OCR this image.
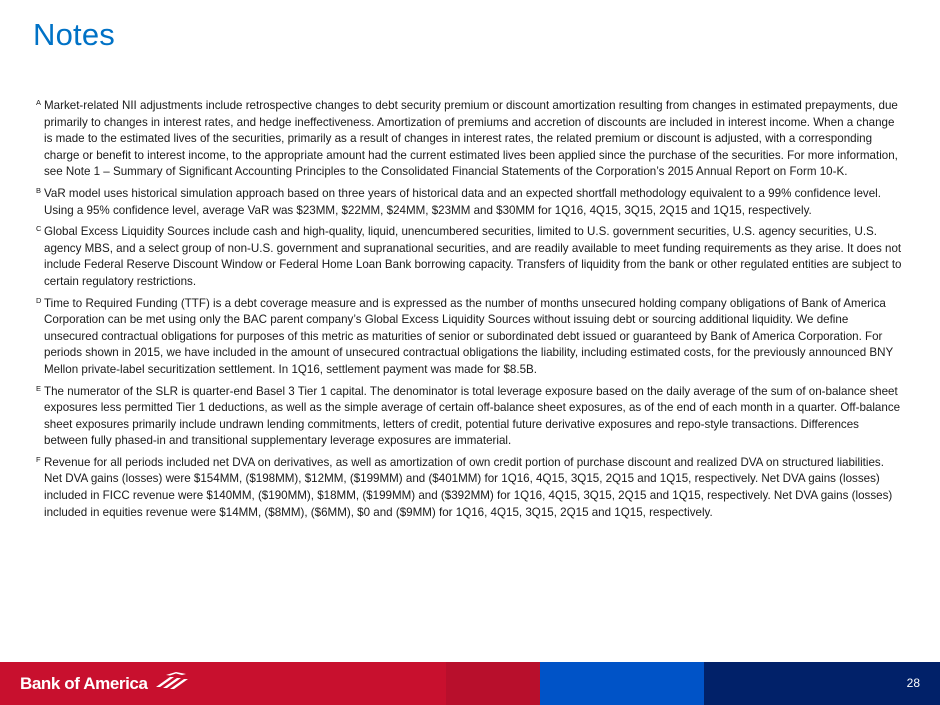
Notes
A Market-related NII adjustments include retrospective changes to debt security premium or discount amortization resulting from changes in estimated prepayments, due primarily to changes in interest rates, and hedge ineffectiveness. Amortization of premiums and accretion of discounts are included in interest income. When a change is made to the estimated lives of the securities, primarily as a result of changes in interest rates, the related premium or discount is adjusted, with a corresponding charge or benefit to interest income, to the appropriate amount had the current estimated lives been applied since the purchase of the securities. For more information, see Note 1 – Summary of Significant Accounting Principles to the Consolidated Financial Statements of the Corporation’s 2015 Annual Report on Form 10-K.
B VaR model uses historical simulation approach based on three years of historical data and an expected shortfall methodology equivalent to a 99% confidence level. Using a 95% confidence level, average VaR was $23MM, $22MM, $24MM, $23MM and $30MM for 1Q16, 4Q15, 3Q15, 2Q15 and 1Q15, respectively.
C Global Excess Liquidity Sources include cash and high-quality, liquid, unencumbered securities, limited to U.S. government securities, U.S. agency securities, U.S. agency MBS, and a select group of non-U.S. government and supranational securities, and are readily available to meet funding requirements as they arise. It does not include Federal Reserve Discount Window or Federal Home Loan Bank borrowing capacity. Transfers of liquidity from the bank or other regulated entities are subject to certain regulatory restrictions.
D Time to Required Funding (TTF) is a debt coverage measure and is expressed as the number of months unsecured holding company obligations of Bank of America Corporation can be met using only the BAC parent company’s Global Excess Liquidity Sources without issuing debt or sourcing additional liquidity. We define unsecured contractual obligations for purposes of this metric as maturities of senior or subordinated debt issued or guaranteed by Bank of America Corporation. For periods shown in 2015, we have included in the amount of unsecured contractual obligations the liability, including estimated costs, for the previously announced BNY Mellon private-label securitization settlement. In 1Q16, settlement payment was made for $8.5B.
E The numerator of the SLR is quarter-end Basel 3 Tier 1 capital. The denominator is total leverage exposure based on the daily average of the sum of on-balance sheet exposures less permitted Tier 1 deductions, as well as the simple average of certain off-balance sheet exposures, as of the end of each month in a quarter. Off-balance sheet exposures primarily include undrawn lending commitments, letters of credit, potential future derivative exposures and repo-style transactions. Differences between fully phased-in and transitional supplementary leverage exposures are immaterial.
F Revenue for all periods included net DVA on derivatives, as well as amortization of own credit portion of purchase discount and realized DVA on structured liabilities. Net DVA gains (losses) were $154MM, ($198MM), $12MM, ($199MM) and ($401MM) for 1Q16, 4Q15, 3Q15, 2Q15 and 1Q15, respectively. Net DVA gains (losses) included in FICC revenue were $140MM, ($190MM), $18MM, ($199MM) and ($392MM) for 1Q16, 4Q15, 3Q15, 2Q15 and 1Q15, respectively. Net DVA gains (losses) included in equities revenue were $14MM, ($8MM), ($6MM), $0 and ($9MM) for 1Q16, 4Q15, 3Q15, 2Q15 and 1Q15, respectively.
Bank of America	28
